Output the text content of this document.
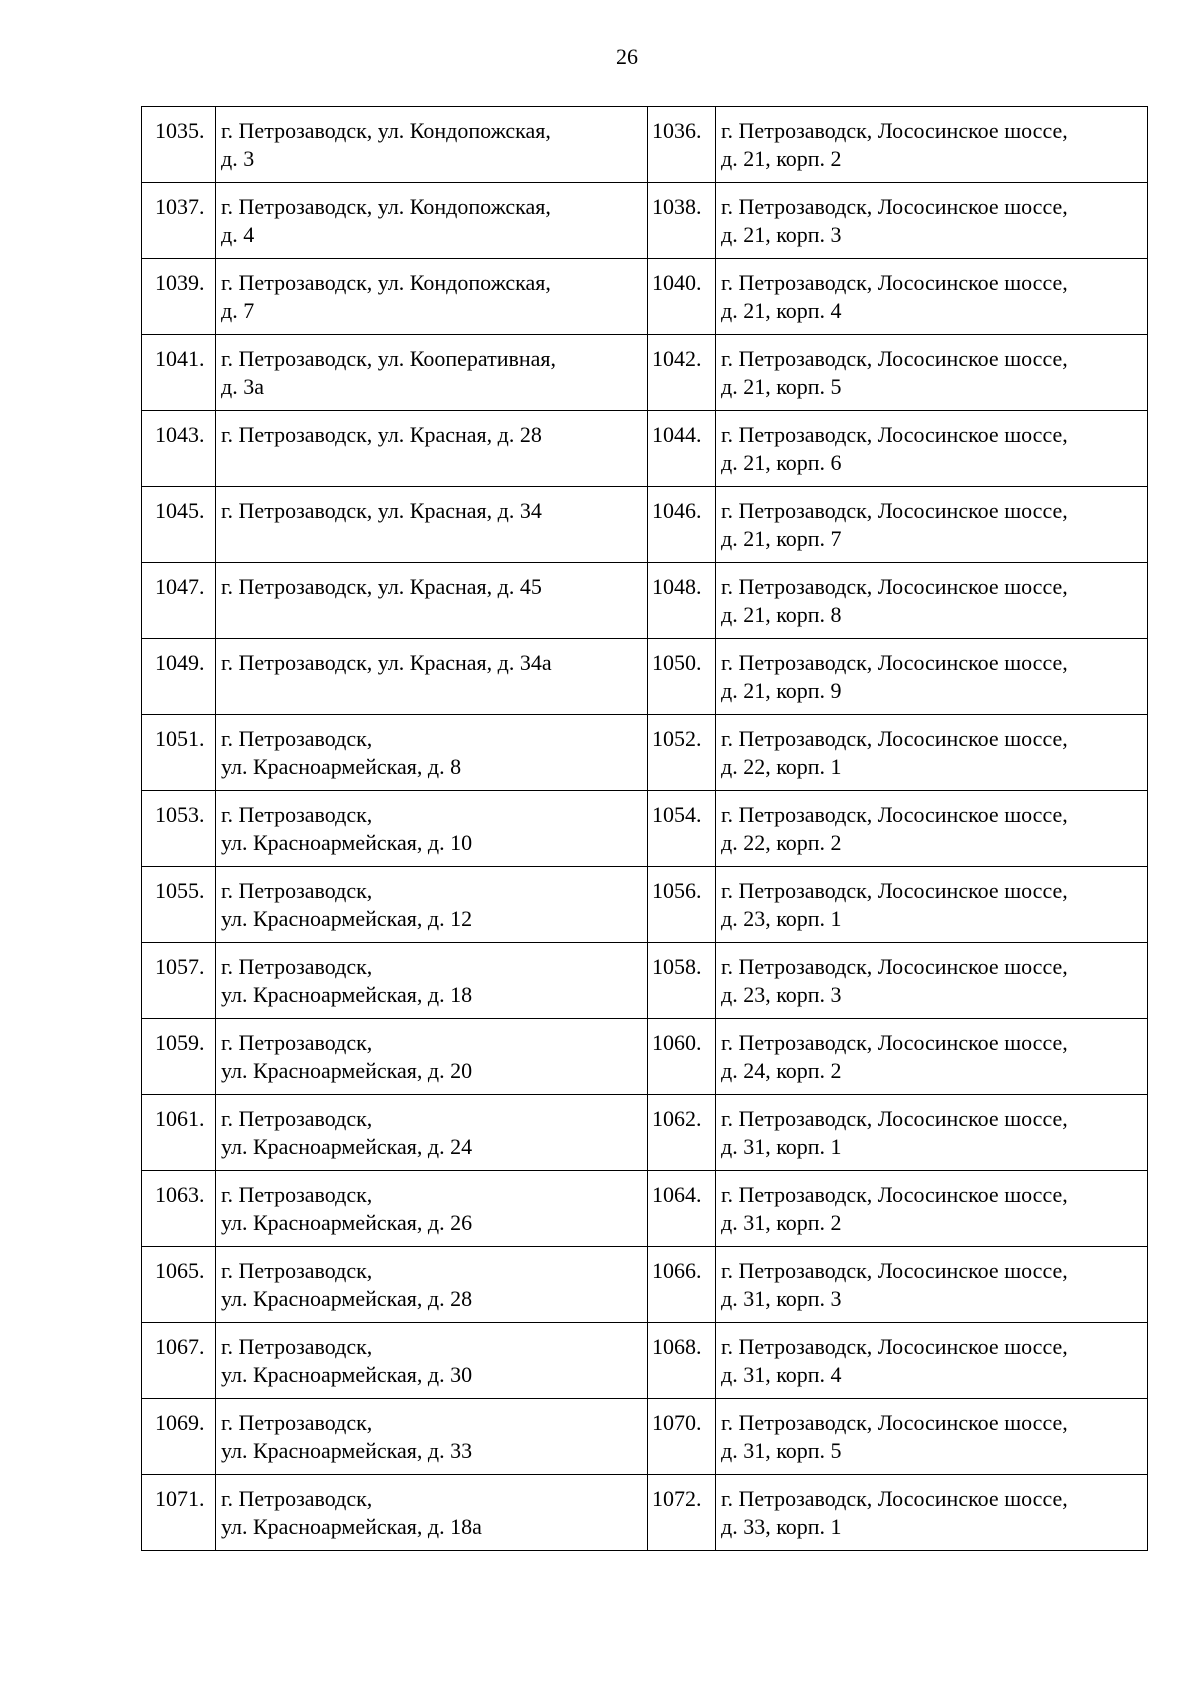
26
1035.	г. Петрозаводск, ул. Кондопожская,
д. 3	1036.	г. Петрозаводск, Лососинское шоссе,
д. 21, корп. 2

1037.	г. Петрозаводск, ул. Кондопожская,
д. 4	1038.	г. Петрозаводск, Лососинское шоссе,
д. 21, корп. 3

1039.	г. Петрозаводск, ул. Кондопожская,
д. 7	1040.	г. Петрозаводск, Лососинское шоссе,
д. 21, корп. 4

1041.	г. Петрозаводск, ул. Кооперативная,
д. 3а	1042.	г. Петрозаводск, Лососинское шоссе,
д. 21, корп. 5

1043.	г. Петрозаводск, ул. Красная, д. 28	1044.	г. Петрозаводск, Лососинское шоссе,
д. 21, корп. 6

1045.	г. Петрозаводск, ул. Красная, д. 34	1046.	г. Петрозаводск, Лососинское шоссе,
д. 21, корп. 7

1047.	г. Петрозаводск, ул. Красная, д. 45	1048.	г. Петрозаводск, Лососинское шоссе,
д. 21, корп. 8

1049.	г. Петрозаводск, ул. Красная, д. 34а	1050.	г. Петрозаводск, Лососинское шоссе,
д. 21, корп. 9

1051.	г. Петрозаводск,
ул. Красноармейская, д. 8	1052.	г. Петрозаводск, Лососинское шоссе,
д. 22, корп. 1

1053.	г. Петрозаводск,
ул. Красноармейская, д. 10	1054.	г. Петрозаводск, Лососинское шоссе,
д. 22, корп. 2

1055.	г. Петрозаводск,
ул. Красноармейская, д. 12	1056.	г. Петрозаводск, Лососинское шоссе,
д. 23, корп. 1

1057.	г. Петрозаводск,
ул. Красноармейская, д. 18	1058.	г. Петрозаводск, Лососинское шоссе,
д. 23, корп. 3

1059.	г. Петрозаводск,
ул. Красноармейская, д. 20	1060.	г. Петрозаводск, Лососинское шоссе,
д. 24, корп. 2

1061.	г. Петрозаводск,
ул. Красноармейская, д. 24	1062.	г. Петрозаводск, Лососинское шоссе,
д. 31, корп. 1

1063.	г. Петрозаводск,
ул. Красноармейская, д. 26	1064.	г. Петрозаводск, Лососинское шоссе,
д. 31, корп. 2

1065.	г. Петрозаводск,
ул. Красноармейская, д. 28	1066.	г. Петрозаводск, Лососинское шоссе,
д. 31, корп. 3

1067.	г. Петрозаводск,
ул. Красноармейская, д. 30	1068.	г. Петрозаводск, Лососинское шоссе,
д. 31, корп. 4

1069.	г. Петрозаводск,
ул. Красноармейская, д. 33	1070.	г. Петрозаводск, Лососинское шоссе,
д. 31, корп. 5

1071.	г. Петрозаводск,
ул. Красноармейская, д. 18а	1072.	г. Петрозаводск, Лососинское шоссе,
д. 33, корп. 1
